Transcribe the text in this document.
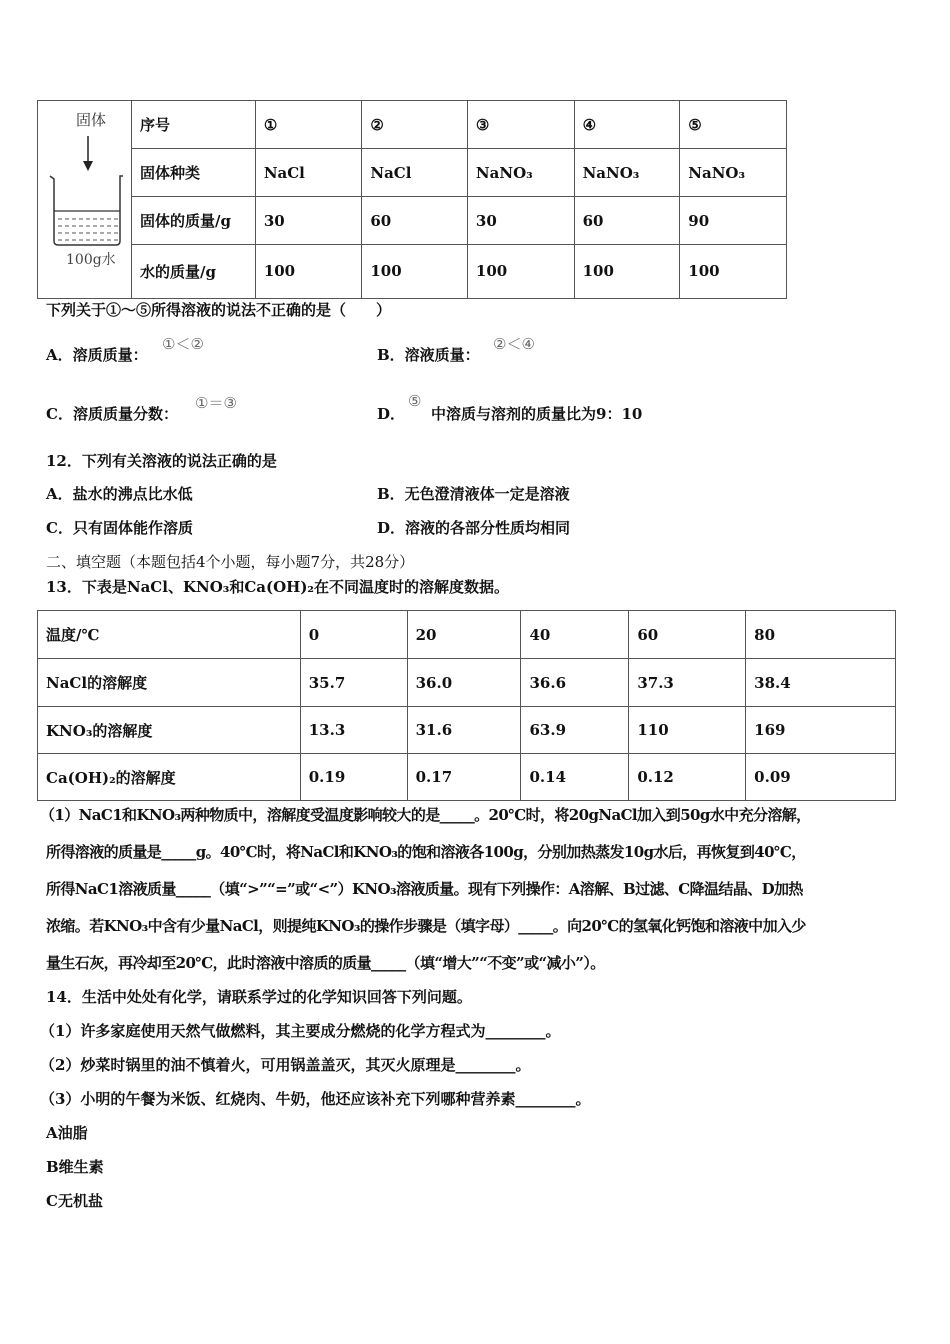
固体
100g水	序号	①	②	③	④	⑤
	固体种类	NaCl	NaCl	NaNO₃	NaNO₃	NaNO₃
	固体的质量/g	30	60	30	60	90
	水的质量/g	100	100	100	100	100
下列关于①～⑤所得溶液的说法不正确的是（　　）
A．溶质质量：
①＜②
B．溶液质量：
②＜④
C．溶质质量分数：
①＝③
D．
⑤
中溶质与溶剂的质量比为9：10
12．下列有关溶液的说法正确的是
A．盐水的沸点比水低	B．无色澄清液体一定是溶液
C．只有固体能作溶质	D．溶液的各部分性质均相同
二、填空题（本题包括4个小题，每小题7分，共28分）
13．下表是NaCl、KNO₃和Ca(OH)₂在不同温度时的溶解度数据。
温度/℃	0	20	40	60	80
NaCl的溶解度	35.7	36.0	36.6	37.3	38.4
KNO₃的溶解度	13.3	31.6	63.9	110	169
Ca(OH)₂的溶解度	0.19	0.17	0.14	0.12	0.09
（1）NaC1和KNO₃两种物质中，溶解度受温度影响较大的是_____。20℃时，将20gNaCl加入到50g水中充分溶解，
所得溶液的质量是_____g。40℃时，将NaCl和KNO₃的饱和溶液各100g，分别加热蒸发10g水后，再恢复到40℃，
所得NaC1溶液质量_____（填“>”“=”或“<”）KNO₃溶液质量。现有下列操作：A溶解、B过滤、C降温结晶、D加热
浓缩。若KNO₃中含有少量NaCl，则提纯KNO₃的操作步骤是（填字母）_____。向20℃的氢氧化钙饱和溶液中加入少
量生石灰，再冷却至20℃，此时溶液中溶质的质量_____（填“增大”“不变”或“减小”）。
14．生活中处处有化学，请联系学过的化学知识回答下列问题。
（1）许多家庭使用天然气做燃料，其主要成分燃烧的化学方程式为________。
（2）炒菜时锅里的油不慎着火，可用锅盖盖灭，其灭火原理是________。
（3）小明的午餐为米饭、红烧肉、牛奶，他还应该补充下列哪种营养素________。
A油脂
B维生素
C无机盐
